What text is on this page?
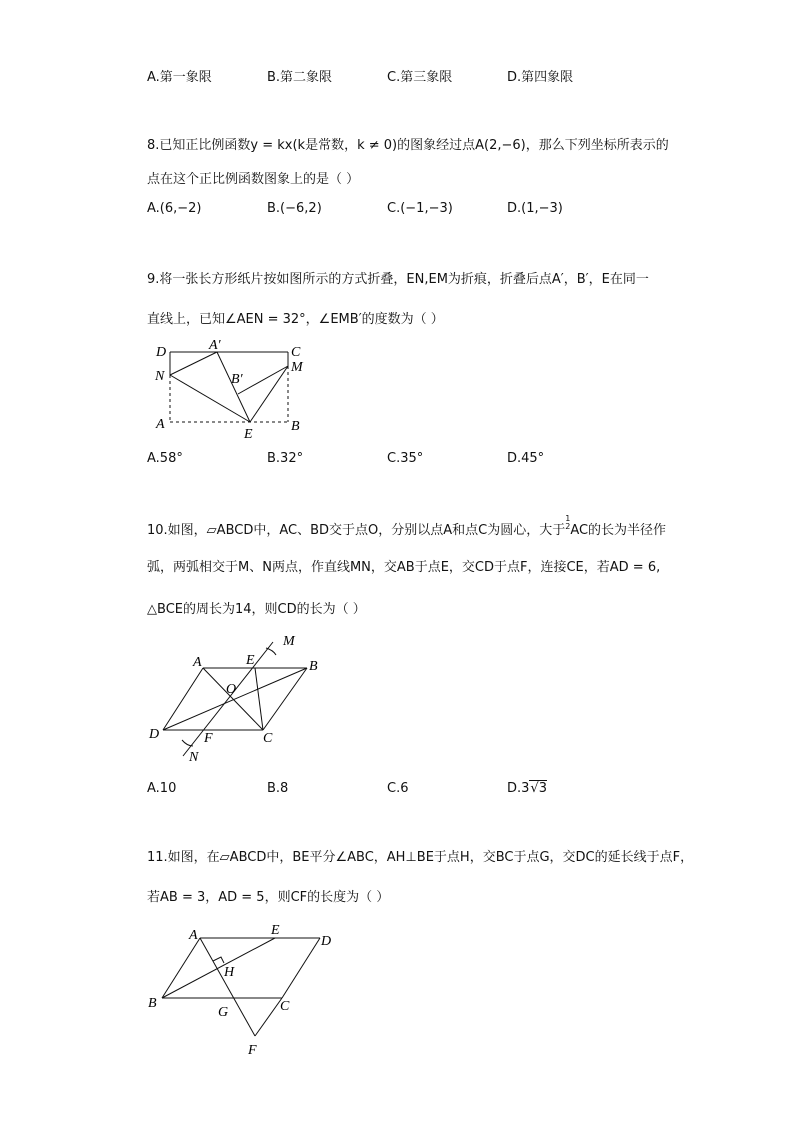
A.第一象限	B.第二象限	C.第三象限	D.第四象限
8.已知正比例函数y = kx(k是常数，k ≠ 0)的图象经过点A(2,−6)，那么下列坐标所表示的
点在这个正比例函数图象上的是（ ）
A.(6,−2)	B.(−6,2)	C.(−1,−3)	D.(1,−3)
9.将一张长方形纸片按如图所示的方式折叠，EN,EM为折痕，折叠后点A′，B′，E在同一
直线上，已知∠AEN = 32°，∠EMB′的度数为（ ）
D	A′	C
N
M
B′
A
E
B
A.58°	B.32°	C.35°	D.45°
10.如图，▱ABCD中，AC、BD交于点O，分别以点A和点C为圆心，大于1
2AC的长为半径作
弧，两弧相交于M、N两点，作直线MN，交AB于点E，交CD于点F，连接CE，若AD = 6,
△BCE的周长为14，则CD的长为（ ）
A	E
M
B
O
D	F	C
N
A.10	B.8	C.6	D.3√3
11.如图，在▱ABCD中，BE平分∠ABC，AH⊥BE于点H，交BC于点G，交DC的延长线于点F，
若AB = 3，AD = 5，则CF的长度为（ ）
A	E
D
H
B
G	C
F
